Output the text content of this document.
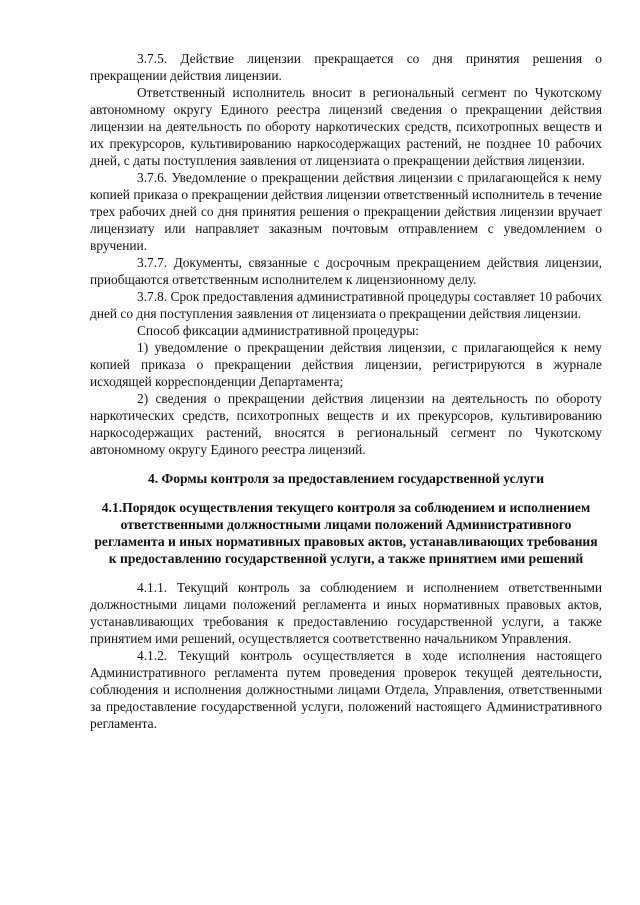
3.7.5. Действие лицензии прекращается со дня принятия решения о прекращении действия лицензии.

Ответственный исполнитель вносит в региональный сегмент по Чукотскому автономному округу Единого реестра лицензий сведения о прекращении действия лицензии на деятельность по обороту наркотических средств, психотропных веществ и их прекурсоров, культивированию наркосодержащих растений, не позднее 10 рабочих дней, с даты поступления заявления от лицензиата о прекращении действия лицензии.

3.7.6. Уведомление о прекращении действия лицензии с прилагающейся к нему копией приказа о прекращении действия лицензии ответственный исполнитель в течение трех рабочих дней со дня принятия решения о прекращении действия лицензии вручает лицензиату или направляет заказным почтовым отправлением с уведомлением о вручении.

3.7.7. Документы, связанные с досрочным прекращением действия лицензии, приобщаются ответственным исполнителем к лицензионному делу.

3.7.8. Срок предоставления административной процедуры составляет 10 рабочих дней со дня поступления заявления от лицензиата о прекращении действия лицензии.

Способ фиксации административной процедуры:

1) уведомление о прекращении действия лицензии, с прилагающейся к нему копией приказа о прекращении действия лицензии, регистрируются в журнале исходящей корреспонденции Департамента;

2) сведения о прекращении действия лицензии на деятельность по обороту наркотических средств, психотропных веществ и их прекурсоров, культивированию наркосодержащих растений, вносятся в региональный сегмент по Чукотскому автономному округу Единого реестра лицензий.

4. Формы контроля за предоставлением государственной услуги

4.1.Порядок осуществления текущего контроля за соблюдением и исполнением ответственными должностными лицами положений Административного регламента и иных нормативных правовых актов, устанавливающих требования к предоставлению государственной услуги, а также принятием ими решений

4.1.1. Текущий контроль за соблюдением и исполнением ответственными должностными лицами положений регламента и иных нормативных правовых актов, устанавливающих требования к предоставлению государственной услуги, а также принятием ими решений, осуществляется соответственно начальником Управления.

4.1.2. Текущий контроль осуществляется в ходе исполнения настоящего Административного регламента путем проведения проверок текущей деятельности, соблюдения и исполнения должностными лицами Отдела, Управления, ответственными за предоставление государственной услуги, положений настоящего Административного регламента.
